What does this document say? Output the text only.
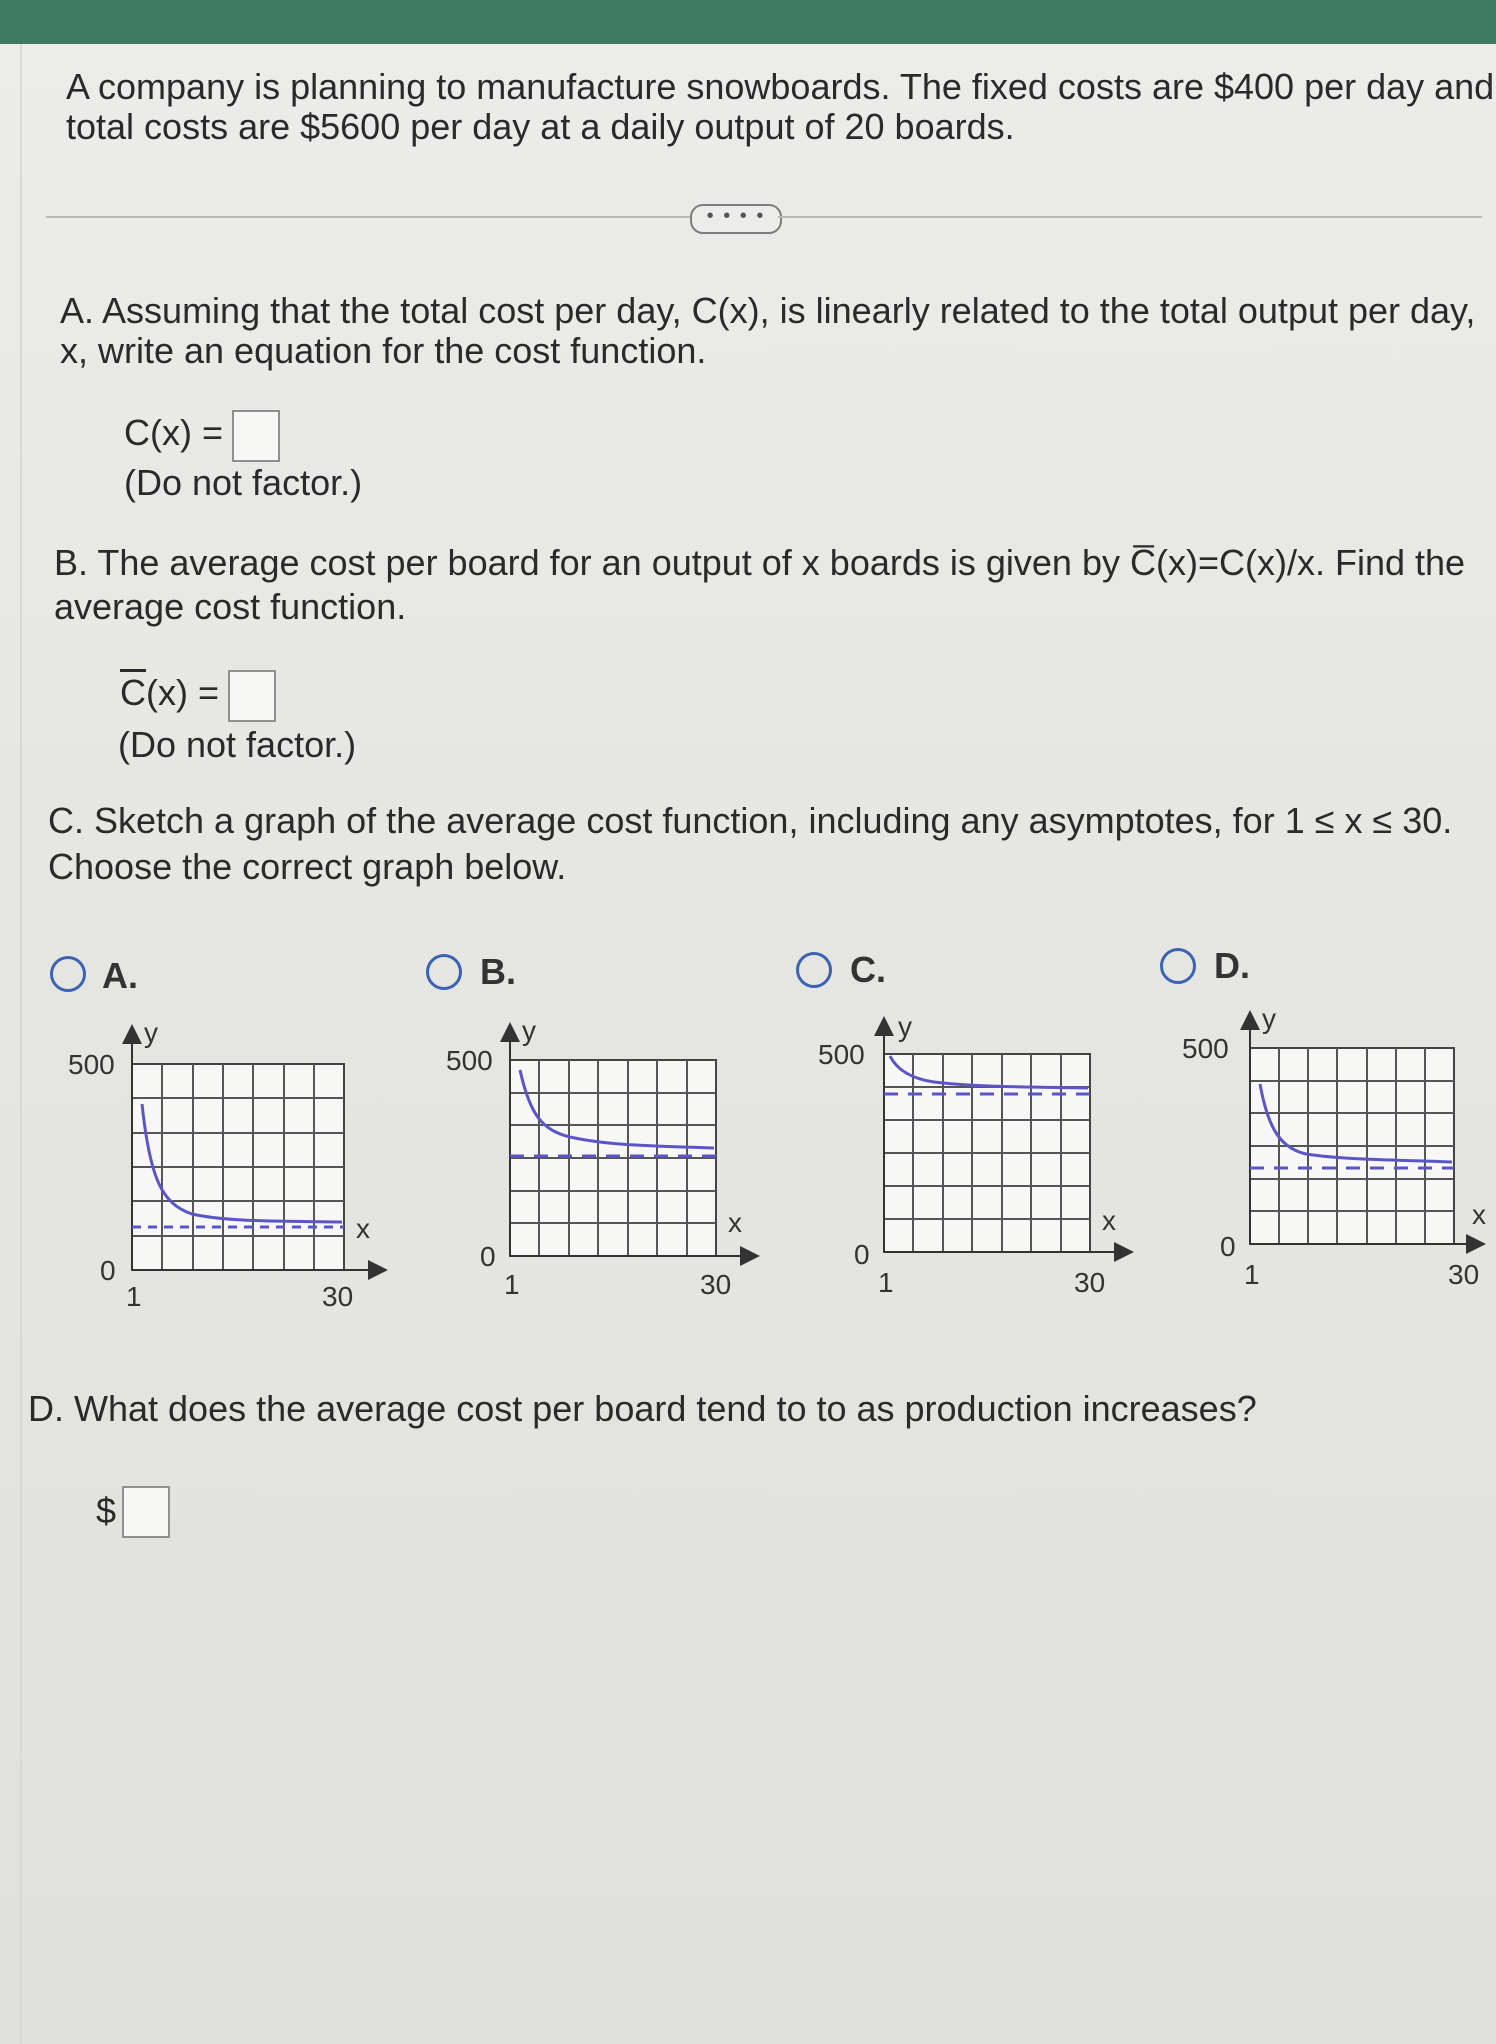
A company is planning to manufacture snowboards. The fixed costs are $400 per day and

total costs are $5600 per day at a daily output of 20 boards.

• • • •

A. Assuming that the total cost per day, C(x), is linearly related to the total output per day,

x, write an equation for the cost function.

C(x) =
(Do not factor.)

B. The average cost per board for an output of x boards is given by C̅(x)=C(x)/x. Find the

average cost function.

$\overline{C}(x)$ =
(Do not factor.)

C. Sketch a graph of the average cost function, including any asymptotes, for 1 ≤ x ≤ 30.

Choose the correct graph below.

A.	B.	C.	D.
y
x
500
0
1	30
y
x
500
0
1	30
y
x
500
0
1	30
y
x
500
0
1	30

D. What does the average cost per board tend to to as production increases?

$
